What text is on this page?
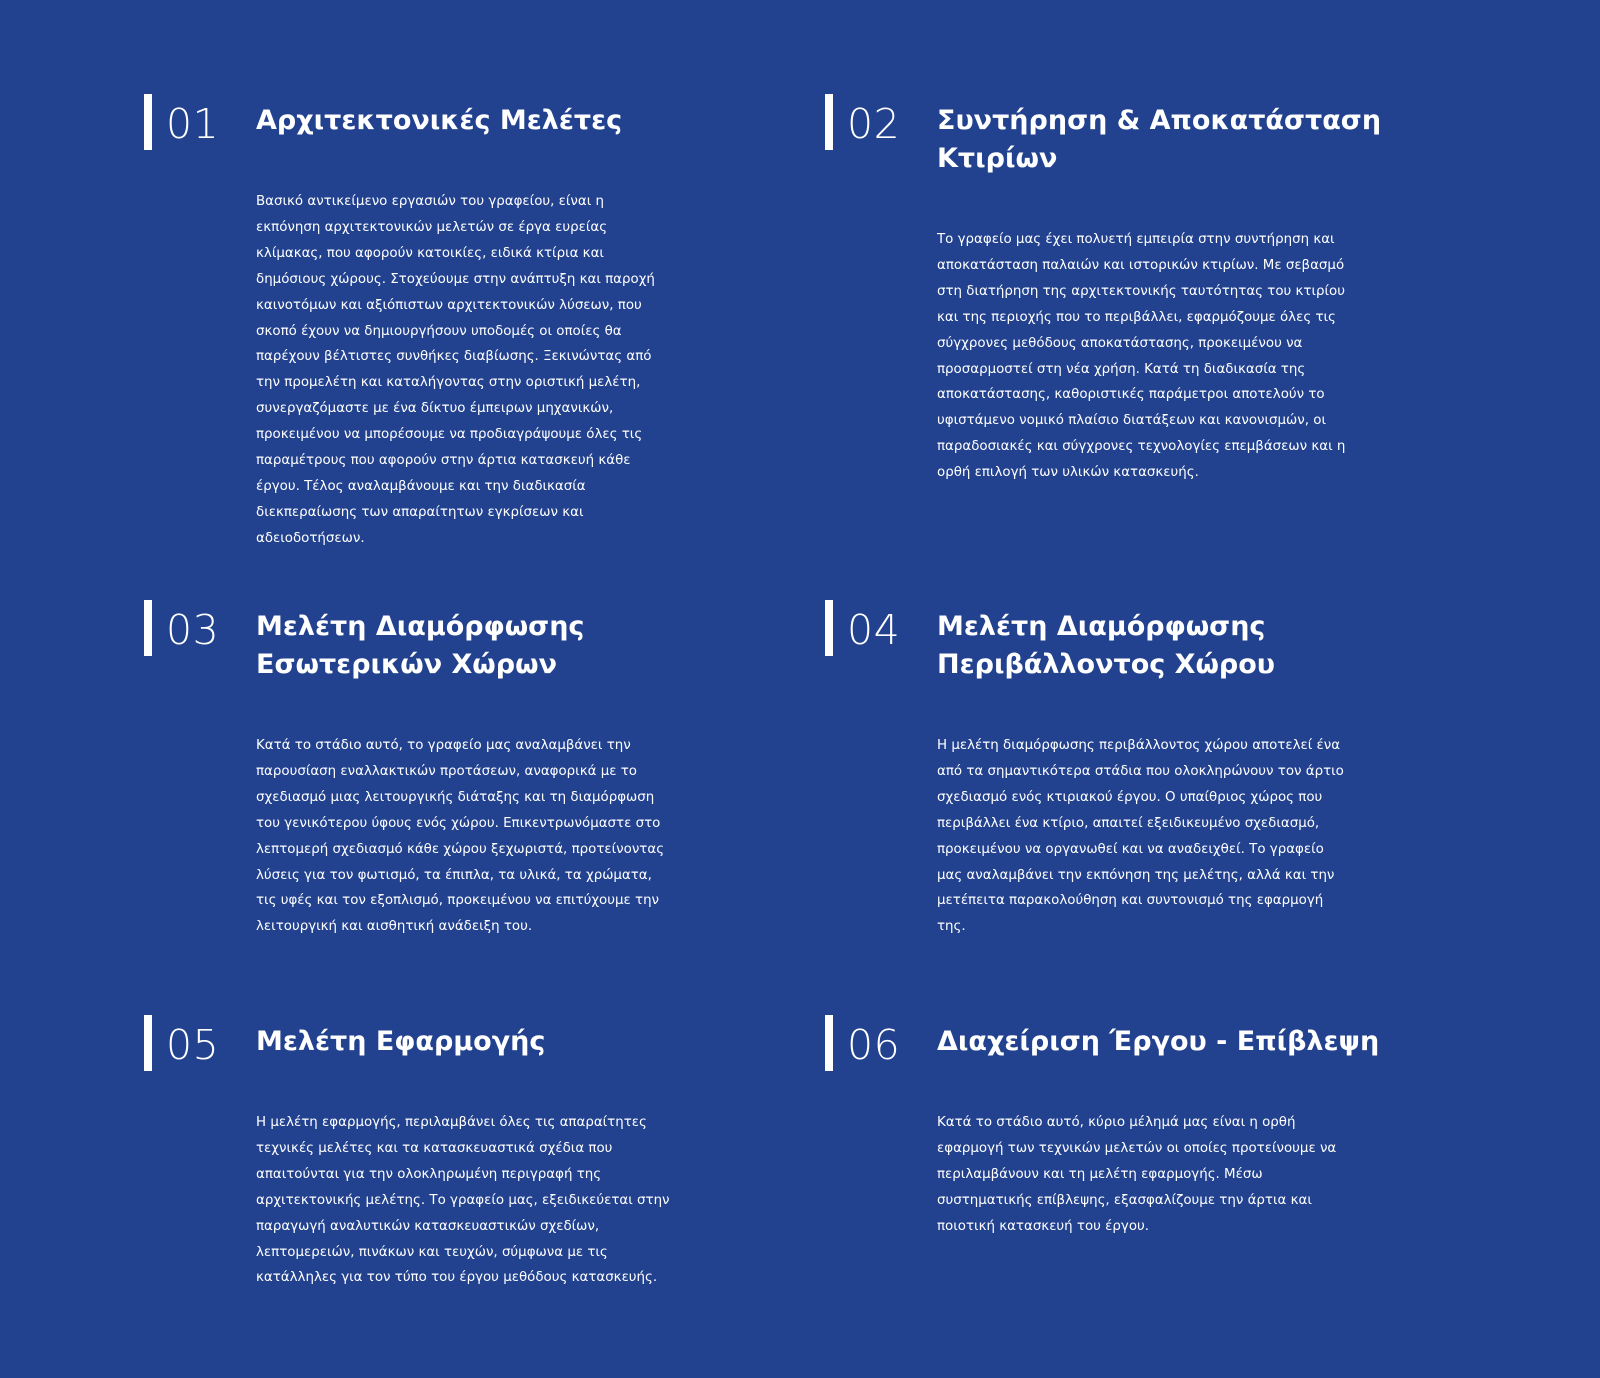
01 Αρχιτεκτονικές Μελέτες

Βασικό αντικείμενο εργασιών του γραφείου, είναι η εκπόνηση αρχιτεκτονικών μελετών σε έργα ευρείας κλίμακας, που αφορούν κατοικίες, ειδικά κτίρια και δημόσιους χώρους. Στοχεύουμε στην ανάπτυξη και παροχή καινοτόμων και αξιόπιστων αρχιτεκτονικών λύσεων, που σκοπό έχουν να δημιουργήσουν υποδομές οι οποίες θα παρέχουν βέλτιστες συνθήκες διαβίωσης. Ξεκινώντας από την προμελέτη και καταλήγοντας στην οριστική μελέτη, συνεργαζόμαστε με ένα δίκτυο έμπειρων μηχανικών, προκειμένου να μπορέσουμε να προδιαγράψουμε όλες τις παραμέτρους που αφορούν στην άρτια κατασκευή κάθε έργου. Τέλος αναλαμβάνουμε και την διαδικασία διεκπεραίωσης των απαραίτητων εγκρίσεων και αδειοδοτήσεων.

02 Συντήρηση & Αποκατάσταση Κτιρίων

Το γραφείο μας έχει πολυετή εμπειρία στην συντήρηση και αποκατάσταση παλαιών και ιστορικών κτιρίων. Με σεβασμό στη διατήρηση της αρχιτεκτονικής ταυτότητας του κτιρίου και της περιοχής που το περιβάλλει, εφαρμόζουμε όλες τις σύγχρονες μεθόδους αποκατάστασης, προκειμένου να προσαρμοστεί στη νέα χρήση. Κατά τη διαδικασία της αποκατάστασης, καθοριστικές παράμετροι αποτελούν το υφιστάμενο νομικό πλαίσιο διατάξεων και κανονισμών, οι παραδοσιακές και σύγχρονες τεχνολογίες επεμβάσεων και η ορθή επιλογή των υλικών κατασκευής.

03 Μελέτη Διαμόρφωσης Εσωτερικών Χώρων

Κατά το στάδιο αυτό, το γραφείο μας αναλαμβάνει την παρουσίαση εναλλακτικών προτάσεων, αναφορικά με το σχεδιασμό μιας λειτουργικής διάταξης και τη διαμόρφωση του γενικότερου ύφους ενός χώρου. Επικεντρωνόμαστε στο λεπτομερή σχεδιασμό κάθε χώρου ξεχωριστά, προτείνοντας λύσεις για τον φωτισμό, τα έπιπλα, τα υλικά, τα χρώματα, τις υφές και τον εξοπλισμό, προκειμένου να επιτύχουμε την λειτουργική και αισθητική ανάδειξη του.

04 Μελέτη Διαμόρφωσης Περιβάλλοντος Χώρου

Η μελέτη διαμόρφωσης περιβάλλοντος χώρου αποτελεί ένα από τα σημαντικότερα στάδια που ολοκληρώνουν τον άρτιο σχεδιασμό ενός κτιριακού έργου. Ο υπαίθριος χώρος που περιβάλλει ένα κτίριο, απαιτεί εξειδικευμένο σχεδιασμό, προκειμένου να οργανωθεί και να αναδειχθεί. Το γραφείο μας αναλαμβάνει την εκπόνηση της μελέτης, αλλά και την μετέπειτα παρακολούθηση και συντονισμό της εφαρμογή της.

05 Μελέτη Εφαρμογής

Η μελέτη εφαρμογής, περιλαμβάνει όλες τις απαραίτητες τεχνικές μελέτες και τα κατασκευαστικά σχέδια που απαιτούνται για την ολοκληρωμένη περιγραφή της αρχιτεκτονικής μελέτης. Το γραφείο μας, εξειδικεύεται στην παραγωγή αναλυτικών κατασκευαστικών σχεδίων, λεπτομερειών, πινάκων και τευχών, σύμφωνα με τις κατάλληλες για τον τύπο του έργου μεθόδους κατασκευής.

06 Διαχείριση Έργου - Επίβλεψη

Κατά το στάδιο αυτό, κύριο μέλημά μας είναι η ορθή εφαρμογή των τεχνικών μελετών οι οποίες προτείνουμε να περιλαμβάνουν και τη μελέτη εφαρμογής. Μέσω συστηματικής επίβλεψης, εξασφαλίζουμε την άρτια και ποιοτική κατασκευή του έργου.
